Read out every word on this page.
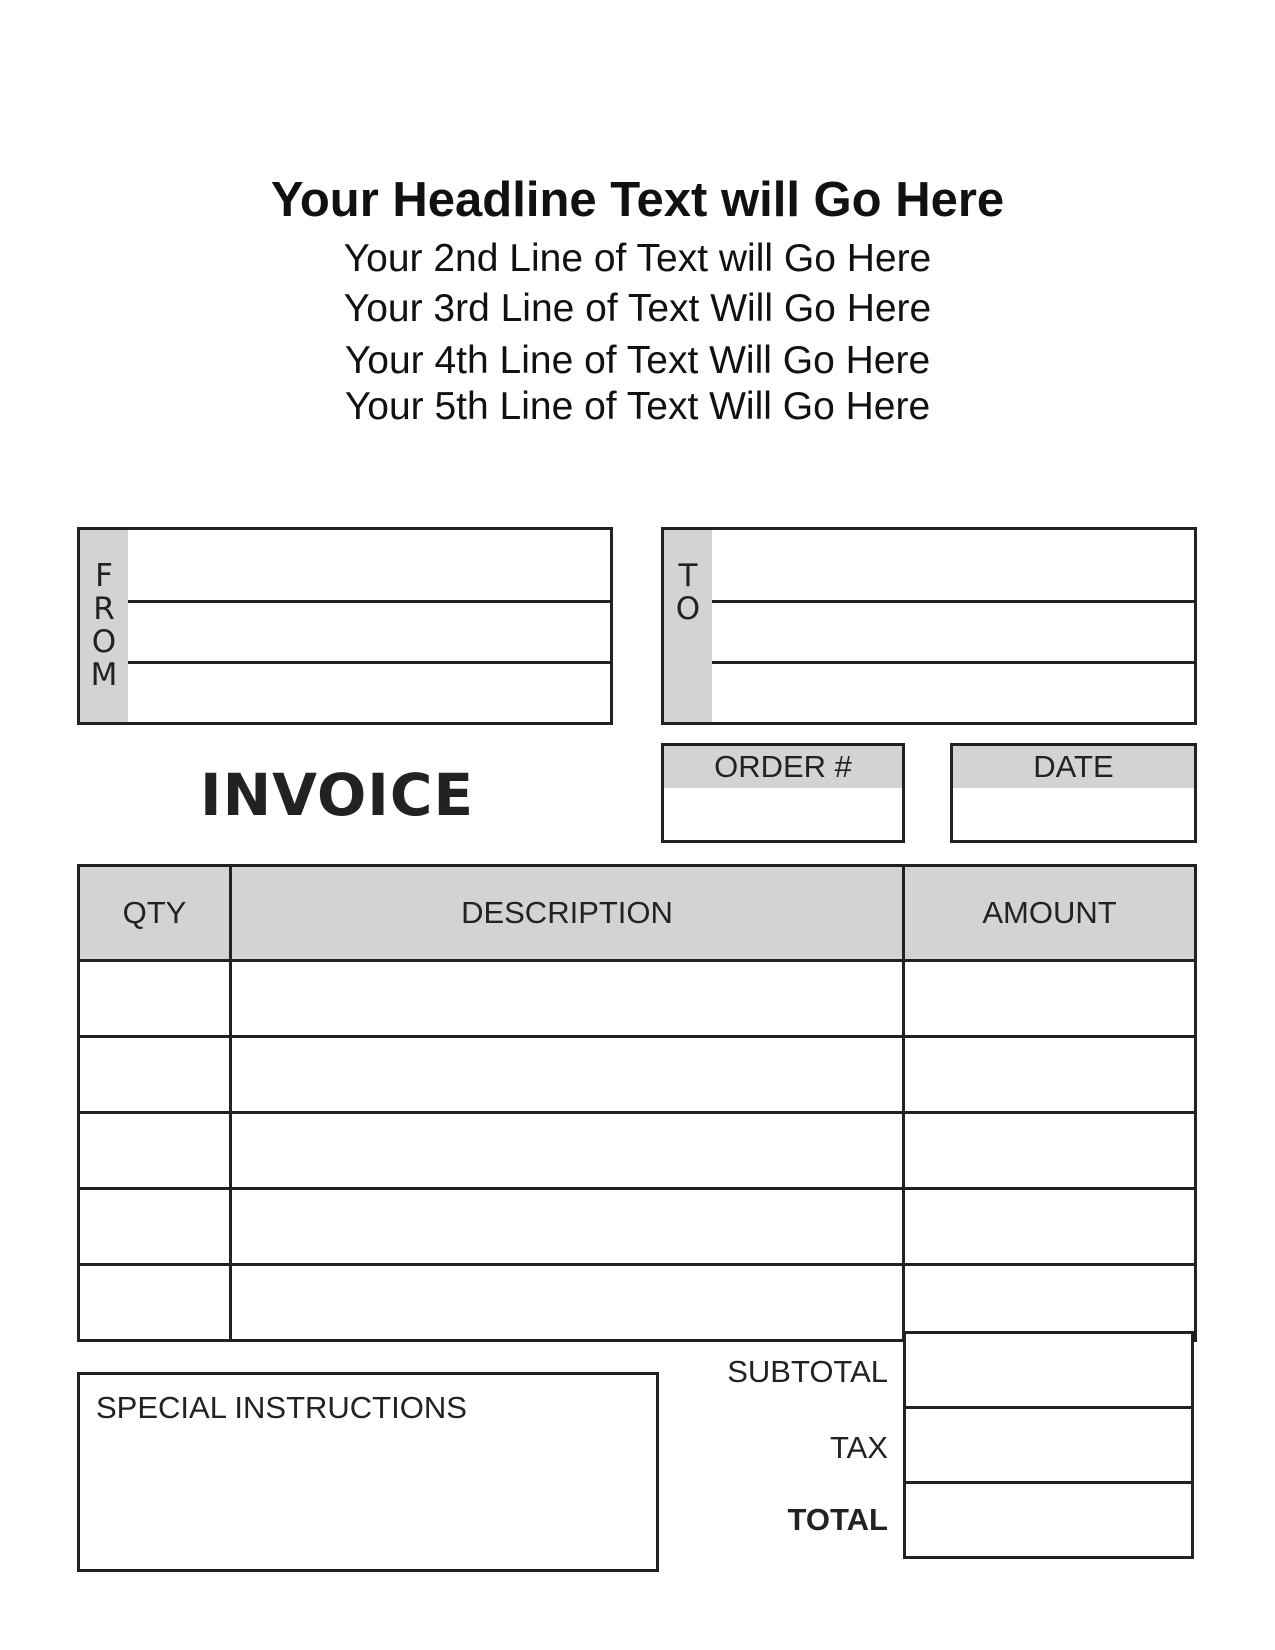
Your Headline Text will Go Here
Your 2nd Line of Text will Go Here
Your 3rd Line of Text Will Go Here
Your 4th Line of Text Will Go Here
Your 5th Line of Text Will Go Here
F
R
O
M
T
O
INVOICE	ORDER #	DATE
QTY	DESCRIPTION	AMOUNT

SPECIAL INSTRUCTIONS
SUBTOTAL
TAX
TOTAL
